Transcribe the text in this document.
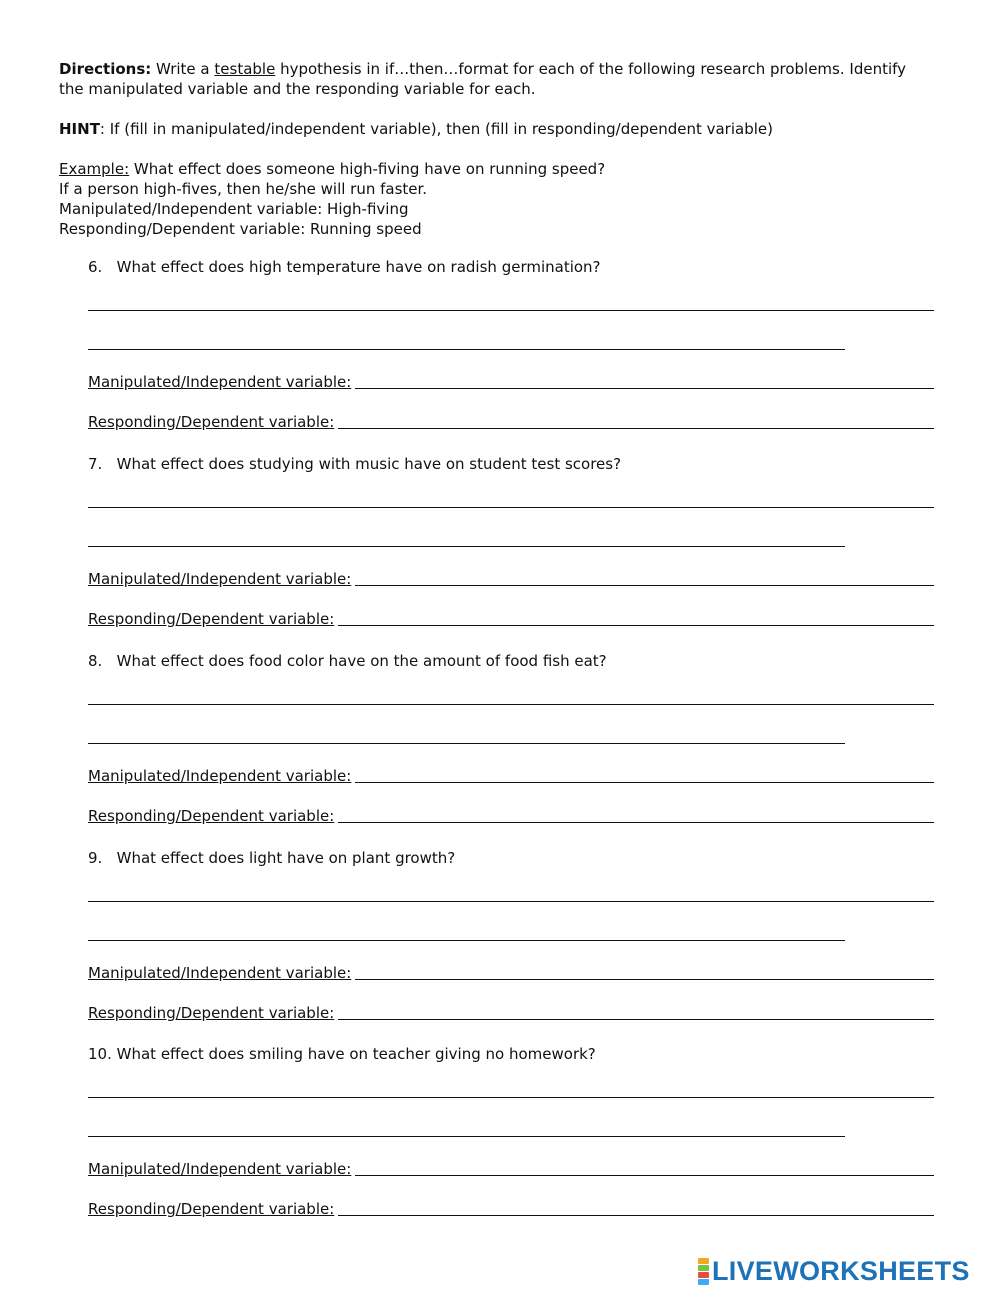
Directions: Write a testable hypothesis in if…then…format for each of the following research problems. Identify the manipulated variable and the responding variable for each.

HINT: If (fill in manipulated/independent variable), then (fill in responding/dependent variable)

Example: What effect does someone high-fiving have on running speed?

If a person high-fives, then he/she will run faster.

Manipulated/Independent variable: High-fiving

Responding/Dependent variable: Running speed

6. What effect does high temperature have on radish germination?
Manipulated/Independent variable:
Responding/Dependent variable:
7. What effect does studying with music have on student test scores?
Manipulated/Independent variable:
Responding/Dependent variable:
8. What effect does food color have on the amount of food fish eat?
Manipulated/Independent variable:
Responding/Dependent variable:
9. What effect does light have on plant growth?
Manipulated/Independent variable:
Responding/Dependent variable:
10. What effect does smiling have on teacher giving no homework?
Manipulated/Independent variable:
Responding/Dependent variable:
LIVEWORKSHEETS
